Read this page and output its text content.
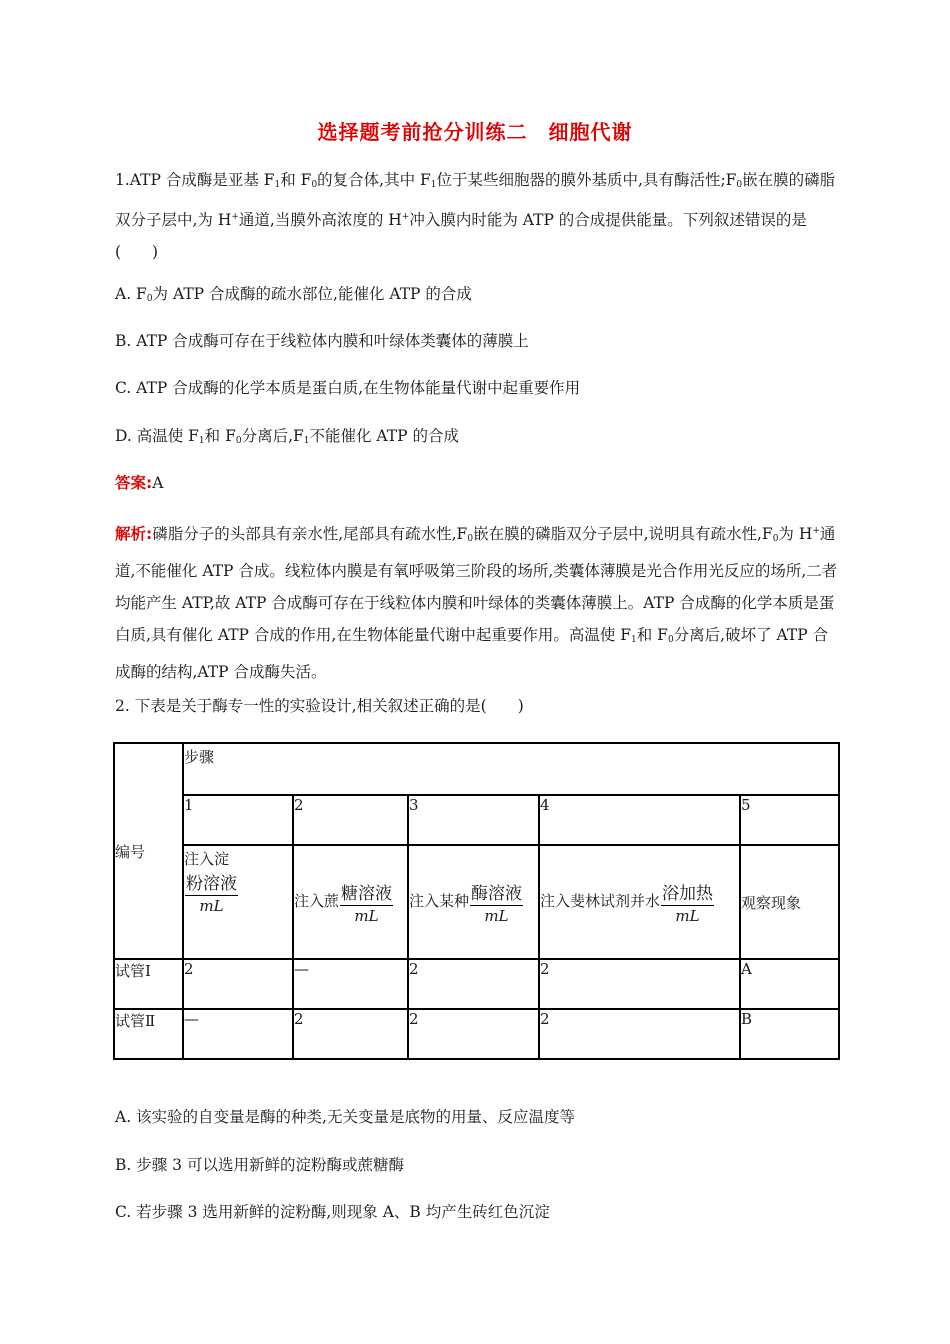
选择题考前抢分训练二　细胞代谢
1.ATP 合成酶是亚基 $F_1$和 $F_0$的复合体,其中 $F_1$位于某些细胞器的膜外基质中,具有酶活性$;F_0$嵌在膜的磷脂双分子层中,为 H+通道,当膜外高浓度的 H+冲入膜内时能为 ATP 的合成提供能量。下列叙述错误的是(　　)
A. $F_0$为 ATP 合成酶的疏水部位,能催化 ATP 的合成
B. ATP 合成酶可存在于线粒体内膜和叶绿体类囊体的薄膜上
C. ATP 合成酶的化学本质是蛋白质,在生物体能量代谢中起重要作用
D. 高温使 $F_1$和 $F_0$分离后$,F_1$不能催化 ATP 的合成
答案:A
解析:磷脂分子的头部具有亲水性,尾部具有疏水性$,F_0$嵌在膜的磷脂双分子层中,说明具有疏水性$,F_0$为 H+通道,不能催化 ATP 合成。线粒体内膜是有氧呼吸第三阶段的场所,类囊体薄膜是光合作用光反应的场所,二者均能产生 ATP,故 ATP 合成酶可存在于线粒体内膜和叶绿体的类囊体薄膜上。ATP 合成酶的化学本质是蛋白质,具有催化 ATP 合成的作用,在生物体能量代谢中起重要作用。高温使 $F_1$和 $F_0$分离后,破坏了 ATP 合成酶的结构,ATP 合成酶失活。
2. 下表是关于酶专一性的实验设计,相关叙述正确的是(　　)
编号	步骤				

	1	2	3	4	5

	注入淀
$\frac{\text{粉溶液}}{mL}$	注入蔗 $\frac{\text{糖溶液}}{mL}$	注入某种 $\frac{\text{酶溶液}}{mL}$	注入斐林试剂并水 $\frac{\text{浴加热}}{mL}$	观察现象
试管Ⅰ	2	—	2	2	A
试管Ⅱ	—	2	2	2	B
A. 该实验的自变量是酶的种类,无关变量是底物的用量、反应温度等
B. 步骤 3 可以选用新鲜的淀粉酶或蔗糖酶
C. 若步骤 3 选用新鲜的淀粉酶,则现象 A、B 均产生砖红色沉淀
